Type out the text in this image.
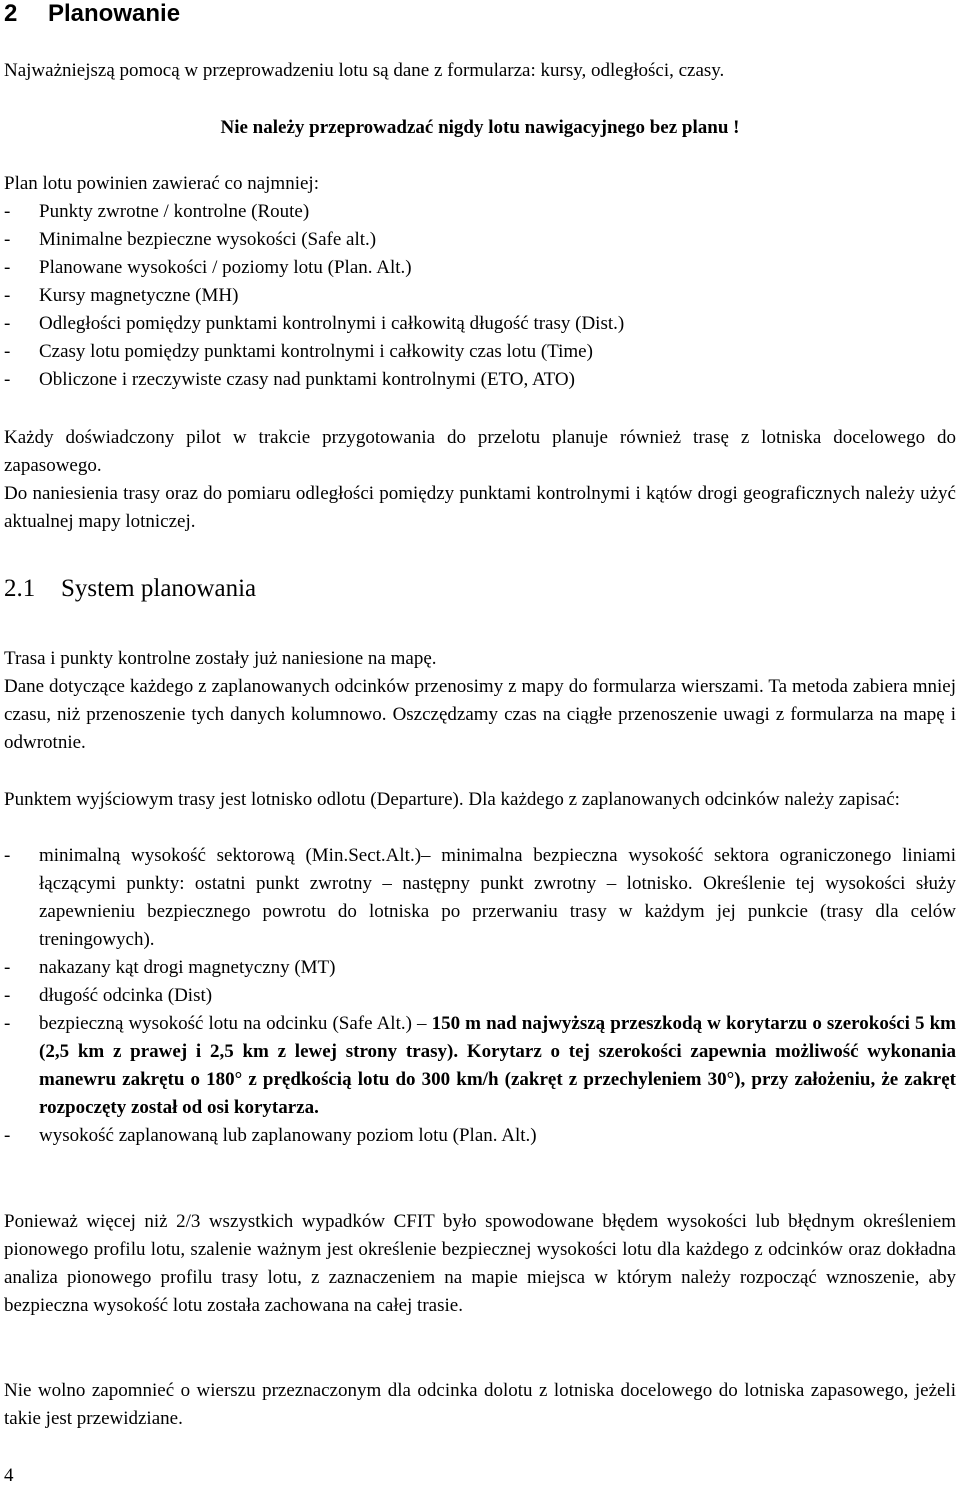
2 Planowanie

Najważniejszą pomocą w przeprowadzeniu lotu są dane z formularza: kursy, odległości, czasy.

Nie należy przeprowadzać nigdy lotu nawigacyjnego bez planu !

Plan lotu powinien zawierać co najmniej:

- Punkty zwrotne / kontrolne (Route)
- Minimalne bezpieczne wysokości (Safe alt.)
- Planowane wysokości / poziomy lotu (Plan. Alt.)
- Kursy magnetyczne (MH)
- Odległości pomiędzy punktami kontrolnymi i całkowitą długość trasy (Dist.)
- Czasy lotu pomiędzy punktami kontrolnymi i całkowity czas lotu (Time)
- Obliczone i rzeczywiste czasy nad punktami kontrolnymi (ETO, ATO)

Każdy doświadczony pilot w trakcie przygotowania do przelotu planuje również trasę z lotniska docelowego do zapasowego.

Do naniesienia trasy oraz do pomiaru odległości pomiędzy punktami kontrolnymi i kątów drogi geograficznych należy użyć aktualnej mapy lotniczej.

2.1 System planowania

Trasa i punkty kontrolne zostały już naniesione na mapę.

Dane dotyczące każdego z zaplanowanych odcinków przenosimy z mapy do formularza wierszami. Ta metoda zabiera mniej czasu, niż przenoszenie tych danych kolumnowo. Oszczędzamy czas na ciągłe przenoszenie uwagi z formularza na mapę i odwrotnie.

Punktem wyjściowym trasy jest lotnisko odlotu (Departure). Dla każdego z zaplanowanych odcinków należy zapisać:

- minimalną wysokość sektorową (Min.Sect.Alt.)– minimalna bezpieczna wysokość sektora ograniczonego liniami łączącymi punkty: ostatni punkt zwrotny – następny punkt zwrotny – lotnisko. Określenie tej wysokości służy zapewnieniu bezpiecznego powrotu do lotniska po przerwaniu trasy w każdym jej punkcie (trasy dla celów treningowych).
- nakazany kąt drogi magnetyczny (MT)
- długość odcinka (Dist)
- bezpieczną wysokość lotu na odcinku (Safe Alt.) – 150 m nad najwyższą przeszkodą w korytarzu o szerokości 5 km (2,5 km z prawej i 2,5 km z lewej strony trasy). Korytarz o tej szerokości zapewnia możliwość wykonania manewru zakrętu o 180° z prędkością lotu do 300 km/h (zakręt z przechyleniem 30°), przy założeniu, że zakręt rozpoczęty został od osi korytarza.
- wysokość zaplanowaną lub zaplanowany poziom lotu (Plan. Alt.)

Ponieważ więcej niż 2/3 wszystkich wypadków CFIT było spowodowane błędem wysokości lub błędnym określeniem pionowego profilu lotu, szalenie ważnym jest określenie bezpiecznej wysokości lotu dla każdego z odcinków oraz dokładna analiza pionowego profilu trasy lotu, z zaznaczeniem na mapie miejsca w którym należy rozpocząć wznoszenie, aby bezpieczna wysokość lotu została zachowana na całej trasie.

Nie wolno zapomnieć o wierszu przeznaczonym dla odcinka dolotu z lotniska docelowego do lotniska zapasowego, jeżeli takie jest przewidziane.

4
